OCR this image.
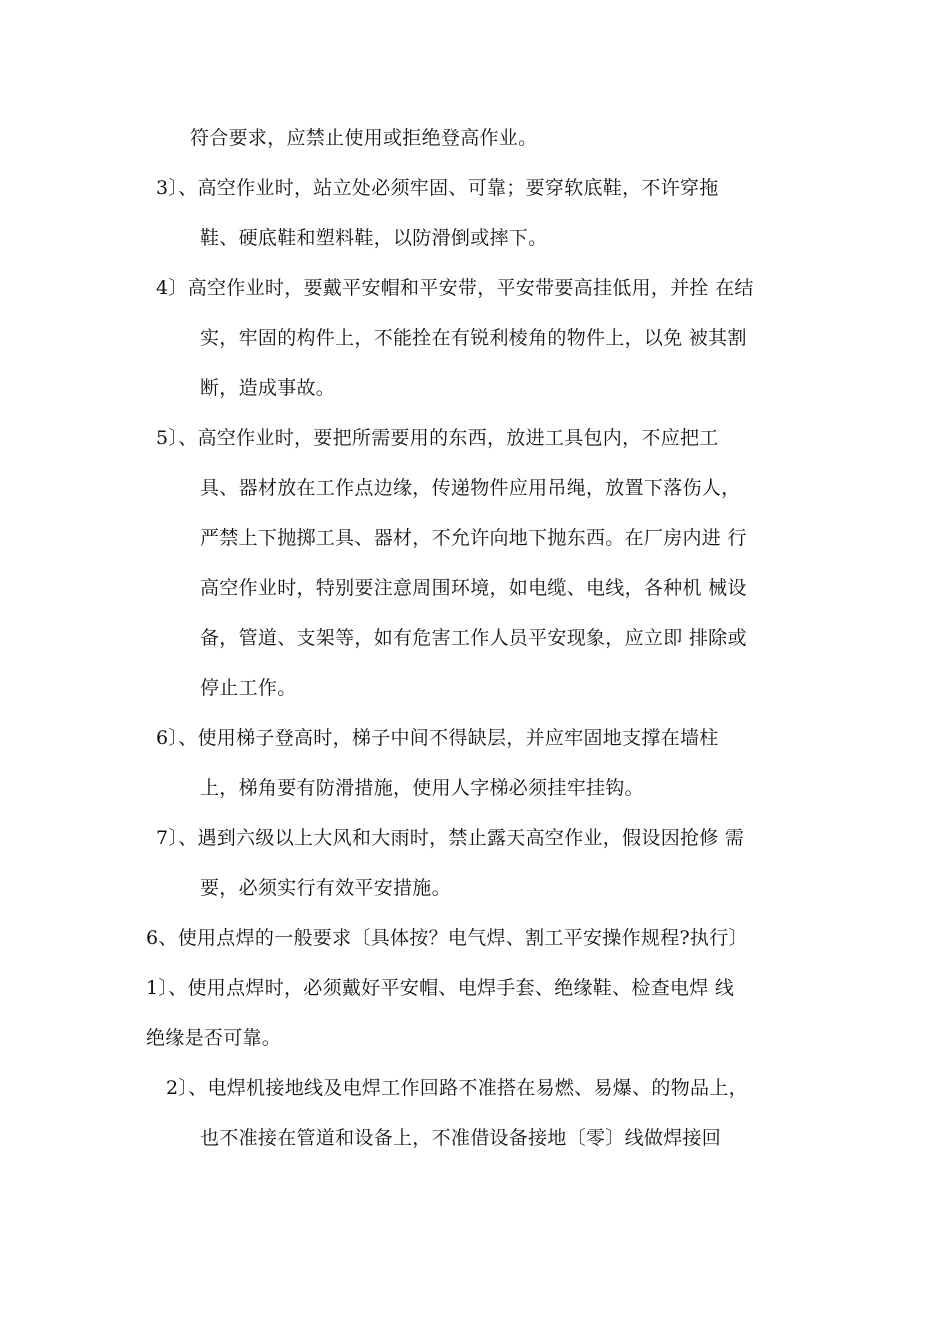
符合要求，应禁止使用或拒绝登高作业。
3〕、高空作业时，站立处必须牢固、可靠；要穿软底鞋，不许穿拖
鞋、硬底鞋和塑料鞋，以防滑倒或摔下。
4〕高空作业时，要戴平安帽和平安带，平安带要高挂低用，并拴 在结
实，牢固的构件上，不能拴在有锐利棱角的物件上，以免 被其割
断，造成事故。
5〕、高空作业时，要把所需要用的东西，放进工具包内，不应把工
具、器材放在工作点边缘，传递物件应用吊绳，放置下落伤人，
严禁上下抛掷工具、器材，不允许向地下抛东西。在厂房内进 行
高空作业时，特别要注意周围环境，如电缆、电线，各种机 械设
备，管道、支架等，如有危害工作人员平安现象，应立即 排除或
停止工作。
6〕、使用梯子登高时，梯子中间不得缺层，并应牢固地支撑在墙柱
上，梯角要有防滑措施，使用人字梯必须挂牢挂钩。
7〕、遇到六级以上大风和大雨时，禁止露天高空作业，假设因抢修 需
要，必须实行有效平安措施。
6、使用点焊的一般要求〔具体按？电气焊、割工平安操作规程?执行〕
1〕、使用点焊时，必须戴好平安帽、电焊手套、绝缘鞋、检查电焊 线
绝缘是否可靠。
2〕、电焊机接地线及电焊工作回路不准搭在易燃、易爆、的物品上，
也不准接在管道和设备上，不准借设备接地〔零〕线做焊接回
